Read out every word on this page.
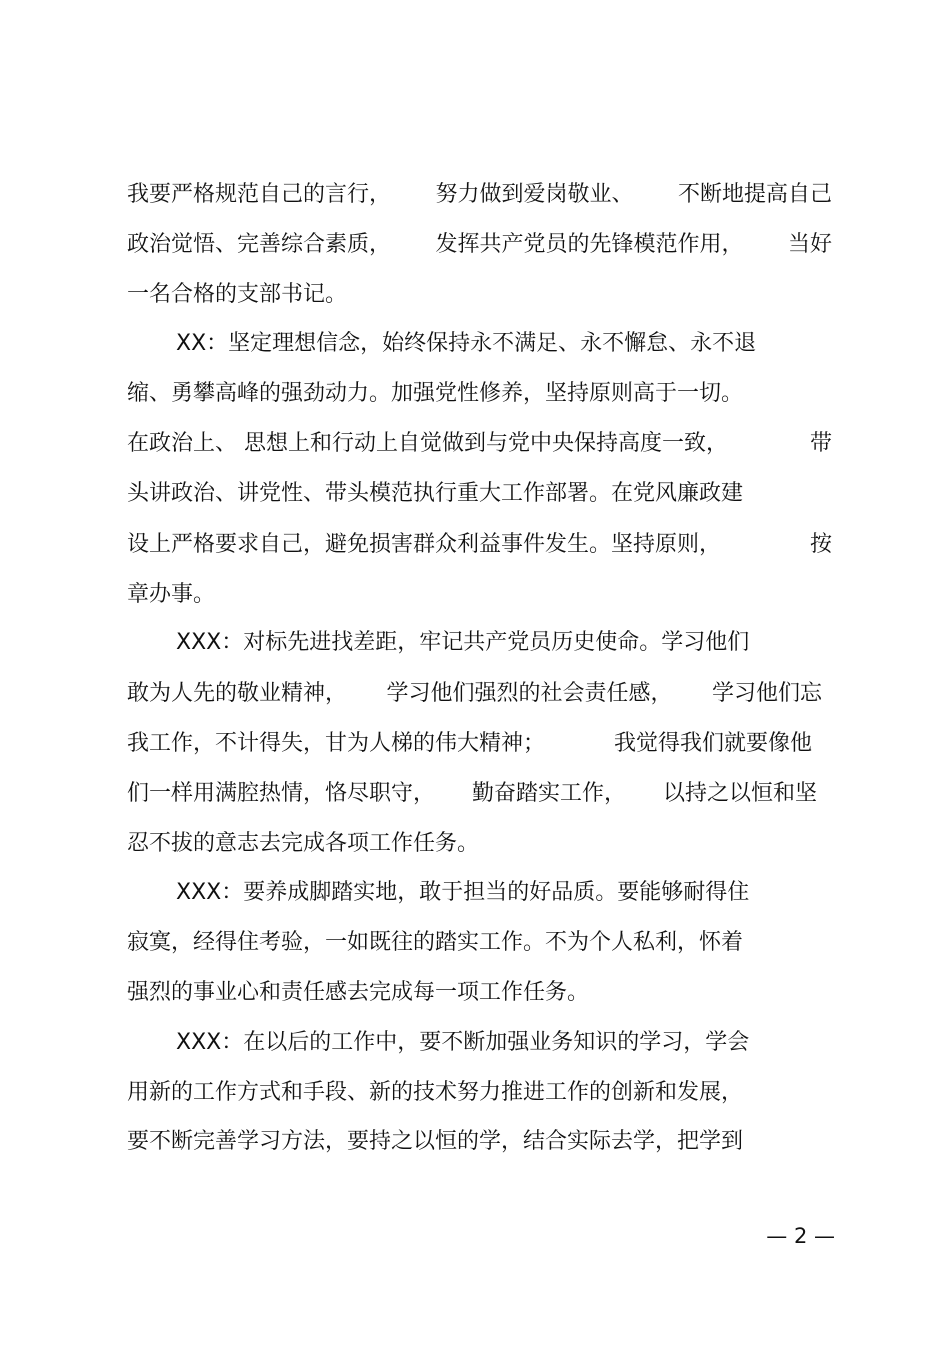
我要严格规范自己的言行， 努力做到爱岗敬业、 不断地提高自己
政治觉悟、完善综合素质， 发挥共产党员的先锋模范作用， 当好
一名合格的支部书记。
XX：坚定理想信念，始终保持永不满足、永不懈怠、永不退
缩、勇攀高峰的强劲动力。加强党性修养，坚持原则高于一切。
在政治上、 思想上和行动上自觉做到与党中央保持高度一致，	带
头讲政治、讲党性、带头模范执行重大工作部署。在党风廉政建
设上严格要求自己，避免损害群众利益事件发生。坚持原则，	按
章办事。
XXX：对标先进找差距，牢记共产党员历史使命。学习他们
敢为人先的敬业精神， 学习他们强烈的社会责任感， 学习他们忘
我工作，不计得失，甘为人梯的伟大精神；	我觉得我们就要像他
们一样用满腔热情，恪尽职守， 勤奋踏实工作， 以持之以恒和坚
忍不拔的意志去完成各项工作任务。
XXX：要养成脚踏实地，敢于担当的好品质。要能够耐得住
寂寞，经得住考验，一如既往的踏实工作。不为个人私利，怀着
强烈的事业心和责任感去完成每一项工作任务。
XXX：在以后的工作中，要不断加强业务知识的学习，学会
用新的工作方式和手段、新的技术努力推进工作的创新和发展，
要不断完善学习方法，要持之以恒的学，结合实际去学，把学到
— 2 —
